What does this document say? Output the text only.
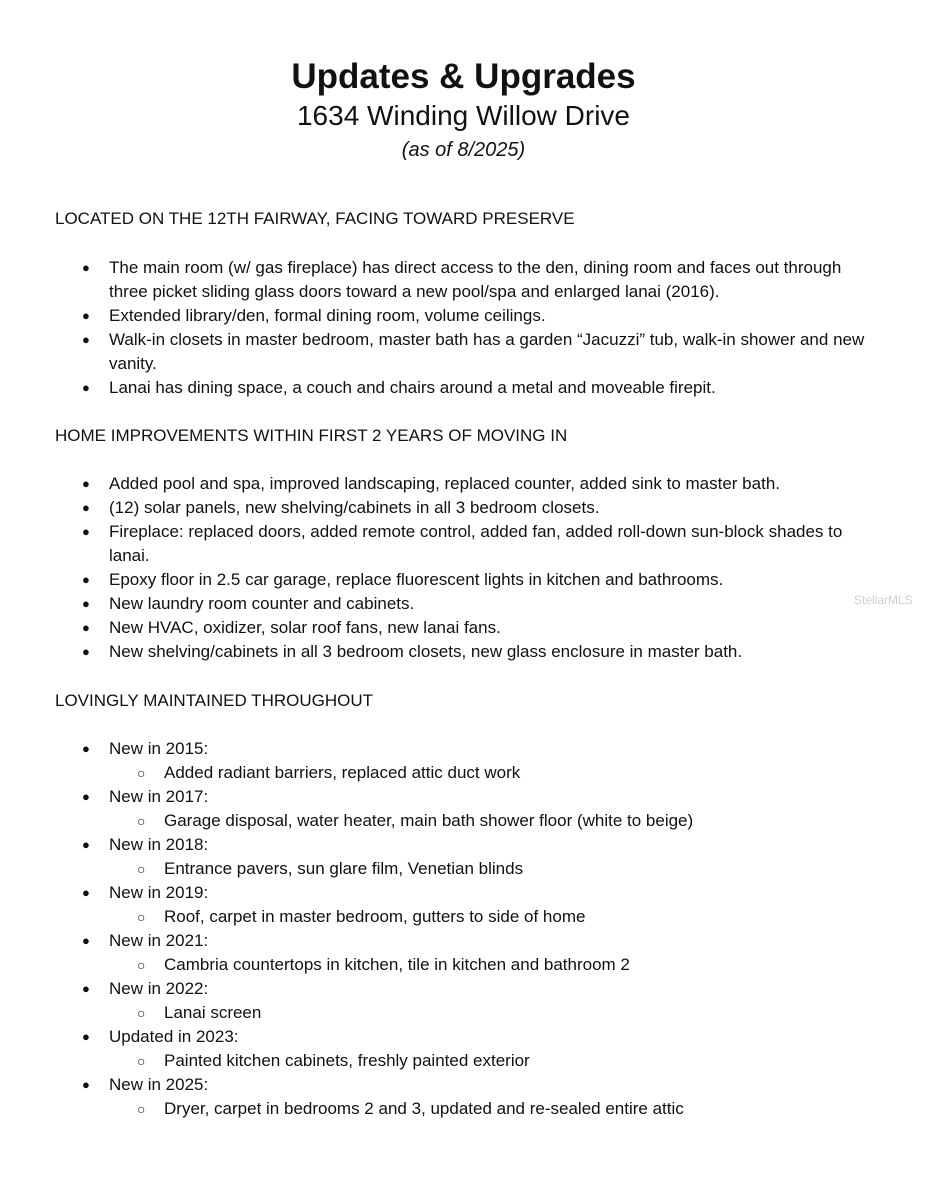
Updates & Upgrades

1634 Winding Willow Drive

(as of 8/2025)

LOCATED ON THE 12TH FAIRWAY, FACING TOWARD PRESERVE

● The main room (w/ gas fireplace) has direct access to the den, dining room and faces out through three picket sliding glass doors toward a new pool/spa and enlarged lanai (2016).
● Extended library/den, formal dining room, volume ceilings.
● Walk-in closets in master bedroom, master bath has a garden “Jacuzzi” tub, walk-in shower and new vanity.
● Lanai has dining space, a couch and chairs around a metal and moveable firepit.

HOME IMPROVEMENTS WITHIN FIRST 2 YEARS OF MOVING IN

● Added pool and spa, improved landscaping, replaced counter, added sink to master bath.
● (12) solar panels, new shelving/cabinets in all 3 bedroom closets.
● Fireplace: replaced doors, added remote control, added fan, added roll-down sun-block shades to lanai.
● Epoxy floor in 2.5 car garage, replace fluorescent lights in kitchen and bathrooms.
● New laundry room counter and cabinets.
● New HVAC, oxidizer, solar roof fans, new lanai fans.
● New shelving/cabinets in all 3 bedroom closets, new glass enclosure in master bath.

LOVINGLY MAINTAINED THROUGHOUT

● New in 2015:
○ Added radiant barriers, replaced attic duct work
● New in 2017:
○ Garage disposal, water heater, main bath shower floor (white to beige)
● New in 2018:
○ Entrance pavers, sun glare film, Venetian blinds
● New in 2019:
○ Roof, carpet in master bedroom, gutters to side of home
● New in 2021:
○ Cambria countertops in kitchen, tile in kitchen and bathroom 2
● New in 2022:
○ Lanai screen
● Updated in 2023:
○ Painted kitchen cabinets, freshly painted exterior
● New in 2025:
○ Dryer, carpet in bedrooms 2 and 3, updated and re-sealed entire attic
StellarMLS
